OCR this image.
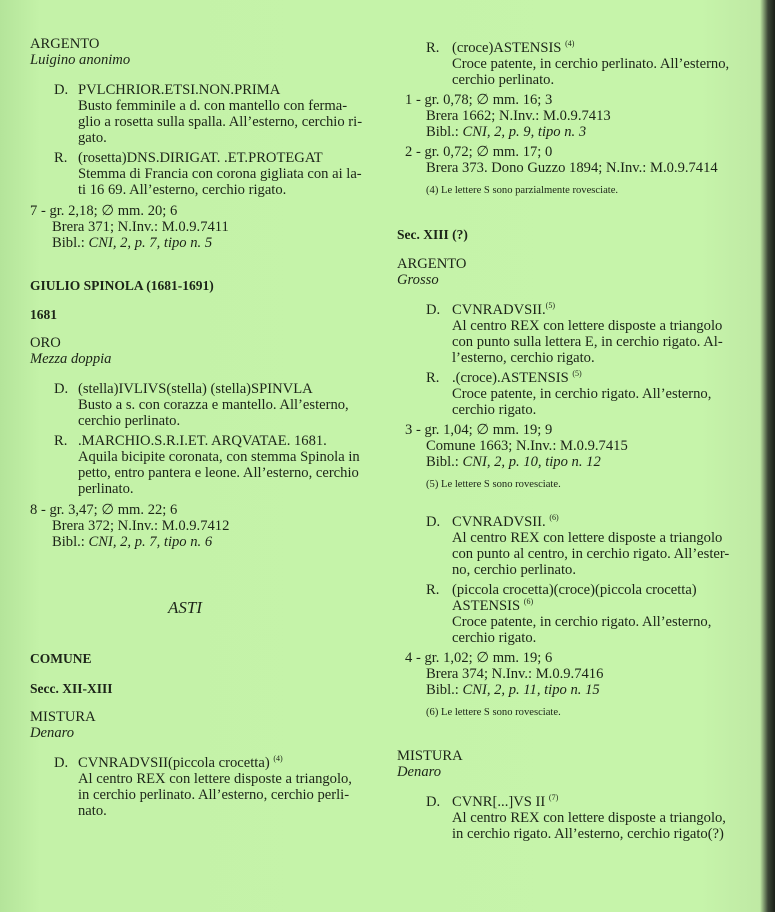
ARGENTO
Luigino anonimo
D. PVLCHRIOR.ETSI.NON.PRIMA
Busto femminile a d. con mantello con ferma-
glio a rosetta sulla spalla. All’esterno, cerchio ri-
gato.
R. (rosetta)DNS.DIRIGAT. .ET.PROTEGAT
Stemma di Francia con corona gigliata con ai la-
ti 16 69. All’esterno, cerchio rigato.
7 - gr. 2,18; ∅ mm. 20; 6
Brera 371; N.Inv.: M.0.9.7411
Bibl.: CNI, 2, p. 7, tipo n. 5
GIULIO SPINOLA (1681-1691)
1681
ORO
Mezza doppia
D. (stella)IVLIVS(stella) (stella)SPINVLA
Busto a s. con corazza e mantello. All’esterno,
cerchio perlinato.
R. .MARCHIO.S.R.I.ET. ARQVATAE. 1681.
Aquila bicipite coronata, con stemma Spinola in
petto, entro pantera e leone. All’esterno, cerchio
perlinato.
8 - gr. 3,47; ∅ mm. 22; 6
Brera 372; N.Inv.: M.0.9.7412
Bibl.: CNI, 2, p. 7, tipo n. 6
ASTI
COMUNE
Secc. XII-XIII
MISTURA
Denaro
D. CVNRADVSII(piccola crocetta) $^{(4)}$
Al centro REX con lettere disposte a triangolo,
in cerchio perlinato. All’esterno, cerchio perli-
nato.
R. (croce)ASTENSIS $^{(4)}$
Croce patente, in cerchio perlinato. All’esterno,
cerchio perlinato.
1 - gr. 0,78; ∅ mm. 16; 3
Brera 1662; N.Inv.: M.0.9.7413
Bibl.: CNI, 2, p. 9, tipo n. 3
2 - gr. 0,72; ∅ mm. 17; 0
Brera 373. Dono Guzzo 1894; N.Inv.: M.0.9.7414
(4) Le lettere S sono parzialmente rovesciate.
Sec. XIII (?)
ARGENTO
Grosso
D. CVNRADVSII.$^{(5)}$
Al centro REX con lettere disposte a triangolo
con punto sulla lettera E, in cerchio rigato. Al-
l’esterno, cerchio rigato.
R. .(croce).ASTENSIS $^{(5)}$
Croce patente, in cerchio rigato. All’esterno,
cerchio rigato.
3 - gr. 1,04; ∅ mm. 19; 9
Comune 1663; N.Inv.: M.0.9.7415
Bibl.: CNI, 2, p. 10, tipo n. 12
(5) Le lettere S sono rovesciate.
D. CVNRADVSII. $^{(6)}$
Al centro REX con lettere disposte a triangolo
con punto al centro, in cerchio rigato. All’ester-
no, cerchio perlinato.
R. (piccola crocetta)(croce)(piccola crocetta)
ASTENSIS $^{(6)}$
Croce patente, in cerchio rigato. All’esterno,
cerchio rigato.
4 - gr. 1,02; ∅ mm. 19; 6
Brera 374; N.Inv.: M.0.9.7416
Bibl.: CNI, 2, p. 11, tipo n. 15
(6) Le lettere S sono rovesciate.
MISTURA
Denaro
D. CVNR[...]VS II $^{(7)}$
Al centro REX con lettere disposte a triangolo,
in cerchio rigato. All’esterno, cerchio rigato(?)
